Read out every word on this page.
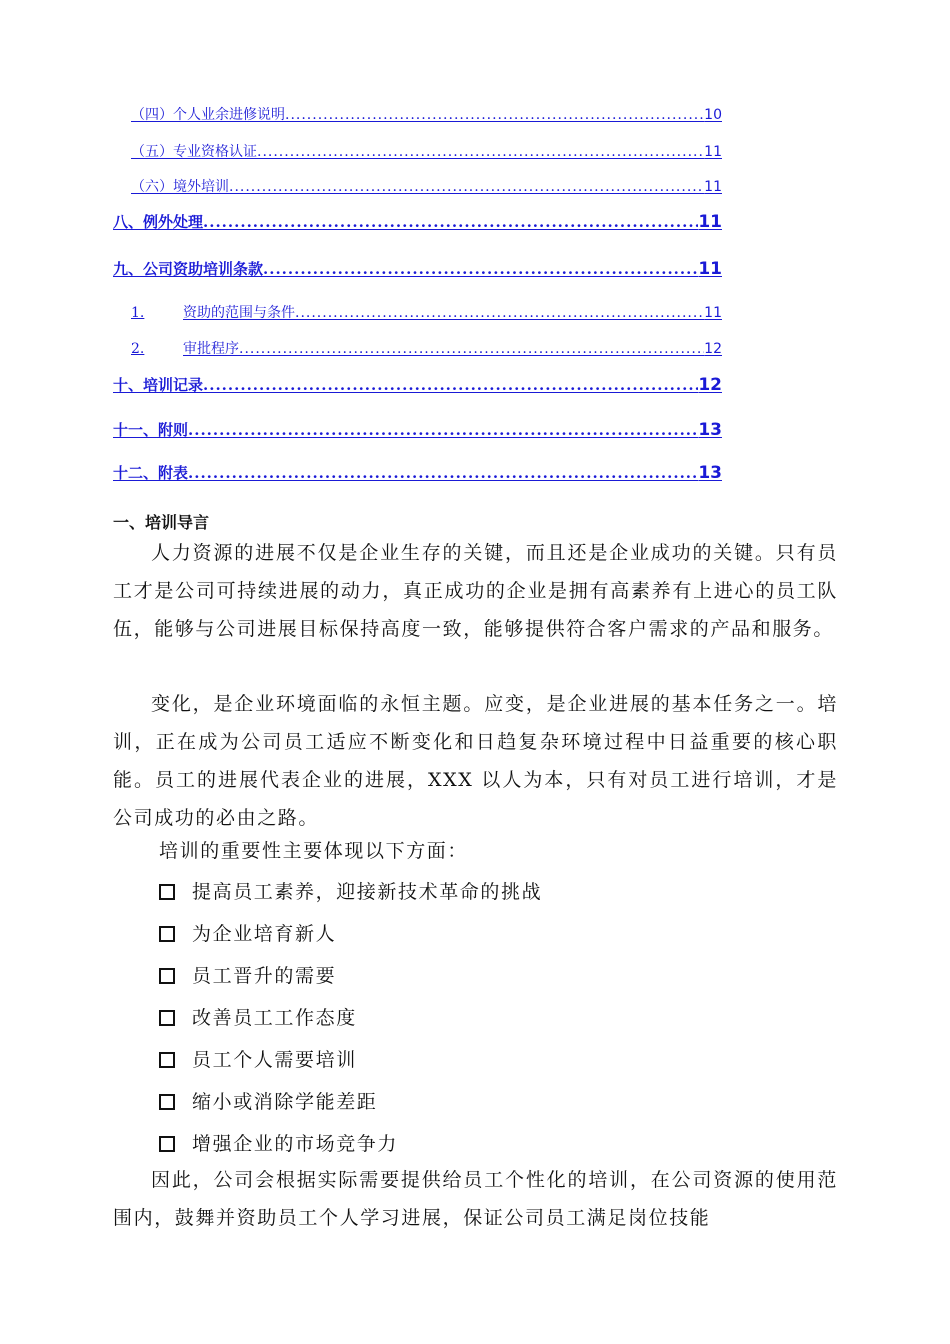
（四）个人业余进修说明 .....	10
（五）专业资格认证 .....	11
（六）境外培训 .....	11
八、例外处理 .....	11
九、公司资助培训条款 .....	11
1.	资助的范围与条件 .....	11
2.	审批程序 .....	12
十、培训记录 .....	12
十一、附则 .....	13
十二、附表 .....	13
一、培训导言

人力资源的进展不仅是企业生存的关键，而且还是企业成功的关键。只有员工才是公司可持续进展的动力，真正成功的企业是拥有高素养有上进心的员工队伍，能够与公司进展目标保持高度一致，能够提供符合客户需求的产品和服务。

变化，是企业环境面临的永恒主题。应变，是企业进展的基本任务之一。培训，正在成为公司员工适应不断变化和日趋复杂环境过程中日益重要的核心职能。员工的进展代表企业的进展，XXX 以人为本，只有对员工进行培训，才是公司成功的必由之路。

培训的重要性主要体现以下方面：
提高员工素养，迎接新技术革命的挑战
为企业培育新人
员工晋升的需要
改善员工工作态度
员工个人需要培训
缩小或消除学能差距
增强企业的市场竞争力

因此，公司会根据实际需要提供给员工个性化的培训，在公司资源的使用范围内，鼓舞并资助员工个人学习进展，保证公司员工满足岗位技能
